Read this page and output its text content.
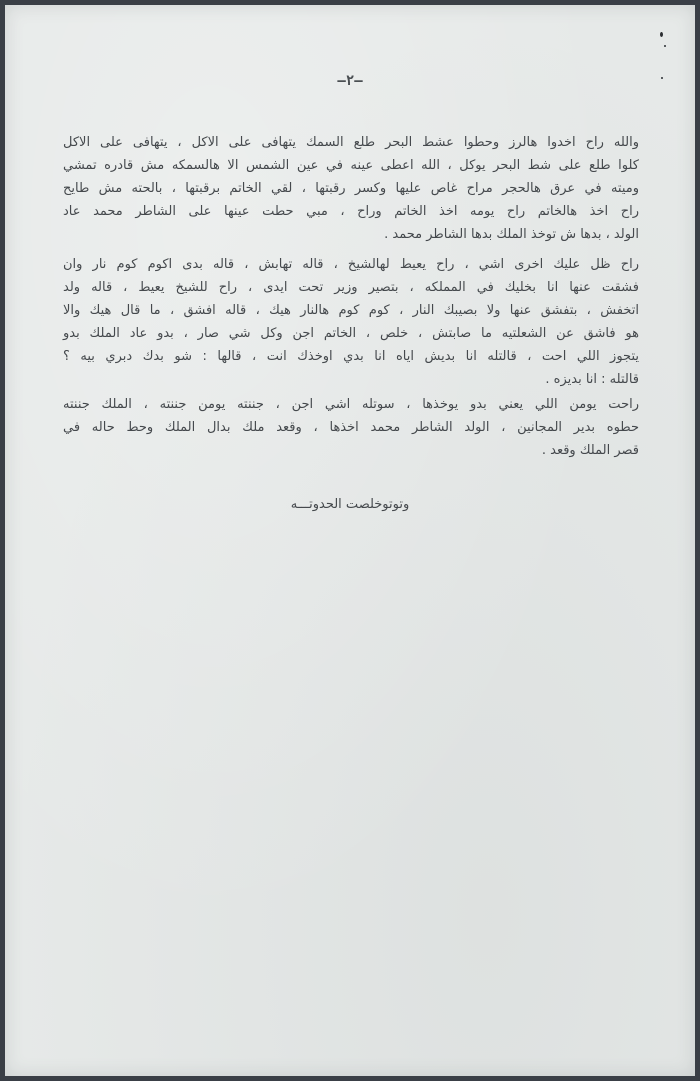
—٢—
والله راح اخدوا هالرز وحطوا عشط البحر طلع السمك يتهافى على الاكل ، يتهافى على الاكل
كلوا طلع على شط البحر يوكل ، الله اعطى عينه في عين الشمس الا هالسمكه مش قادره تمشي
وميته في عرق هالحجر مراح غاص عليها وكسر رقبتها ، لقي الخاتم برقبتها ، بالحته مش طايح
راح اخذ هالخاتم راح يومه اخذ الخاتم وراح ، مبي حطت عينها على الشاطر محمد عاد
الولد ، بدها ش توخذ الملك بدها الشاطر محمد .
راح ظل عليك اخرى اشي ، راح يعيط لهالشيخ ، قاله تهابش ، قاله بدى اكوم كوم نار وان
فشقت عنها انا بخليك في المملكه ، بتصير وزير تحت ايدى ، راح للشيخ يعيط ، قاله ولد
اتخفش ، بتفشق عنها ولا بصيبك النار ، كوم كوم هالنار هيك ، قاله افشق ، ما قال هيك والا
هو فاشق عن الشعلتيه ما صابتش ، خلص ، الخاتم اجن وكل شي صار ، بدو عاد الملك بدو
يتجوز اللي احت ، قالتله انا بديش اياه انا بدي اوخذك انت ، قالها : شو بدك دبري بيه ؟
قالتله : انا بديزه .
راحت يومن اللي يعني بدو يوخذها ، سوتله اشي اجن ، جننته يومن جننته ، الملك جننته
حطوه بدير المجانين ، الولد الشاطر محمد اخذها ، وقعد ملك بدال الملك وحط حاله في
قصر الملك وقعد .
وتوتوخلصت الحدوتـــه
